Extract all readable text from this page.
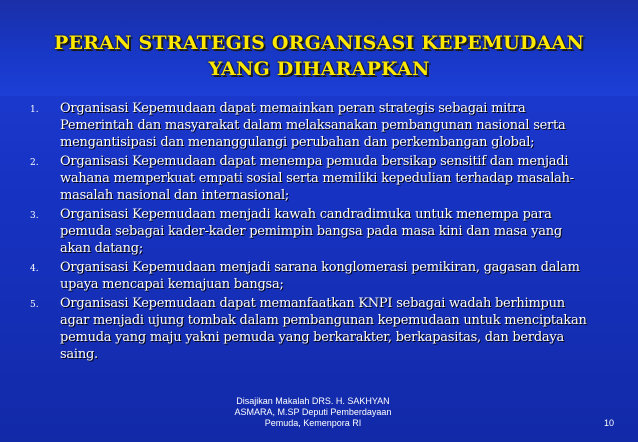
PERAN STRATEGIS ORGANISASI KEPEMUDAAN
YANG DIHARAPKAN
1.	Organisasi Kepemudaan dapat memainkan peran strategis sebagai mitra Pemerintah dan masyarakat dalam melaksanakan pembangunan nasional serta mengantisipasi dan menanggulangi perubahan dan perkembangan global;
2.	Organisasi Kepemudaan dapat menempa pemuda bersikap sensitif dan menjadi wahana memperkuat empati sosial serta memiliki kepedulian terhadap masalah-masalah nasional dan internasional;
3.	Organisasi Kepemudaan menjadi kawah candradimuka untuk menempa para pemuda sebagai kader-kader pemimpin bangsa pada masa kini dan masa yang akan datang;
4.	Organisasi Kepemudaan menjadi sarana konglomerasi pemikiran, gagasan dalam upaya mencapai kemajuan bangsa;
5.	Organisasi Kepemudaan dapat memanfaatkan KNPI sebagai wadah berhimpun agar menjadi ujung tombak dalam pembangunan kepemudaan untuk menciptakan pemuda yang maju yakni pemuda yang berkarakter, berkapasitas, dan berdaya saing.
Disajikan Makalah DRS. H. SAKHYAN ASMARA, M.SP Deputi Pemberdayaan Pemuda, Kemenpora RI	10
